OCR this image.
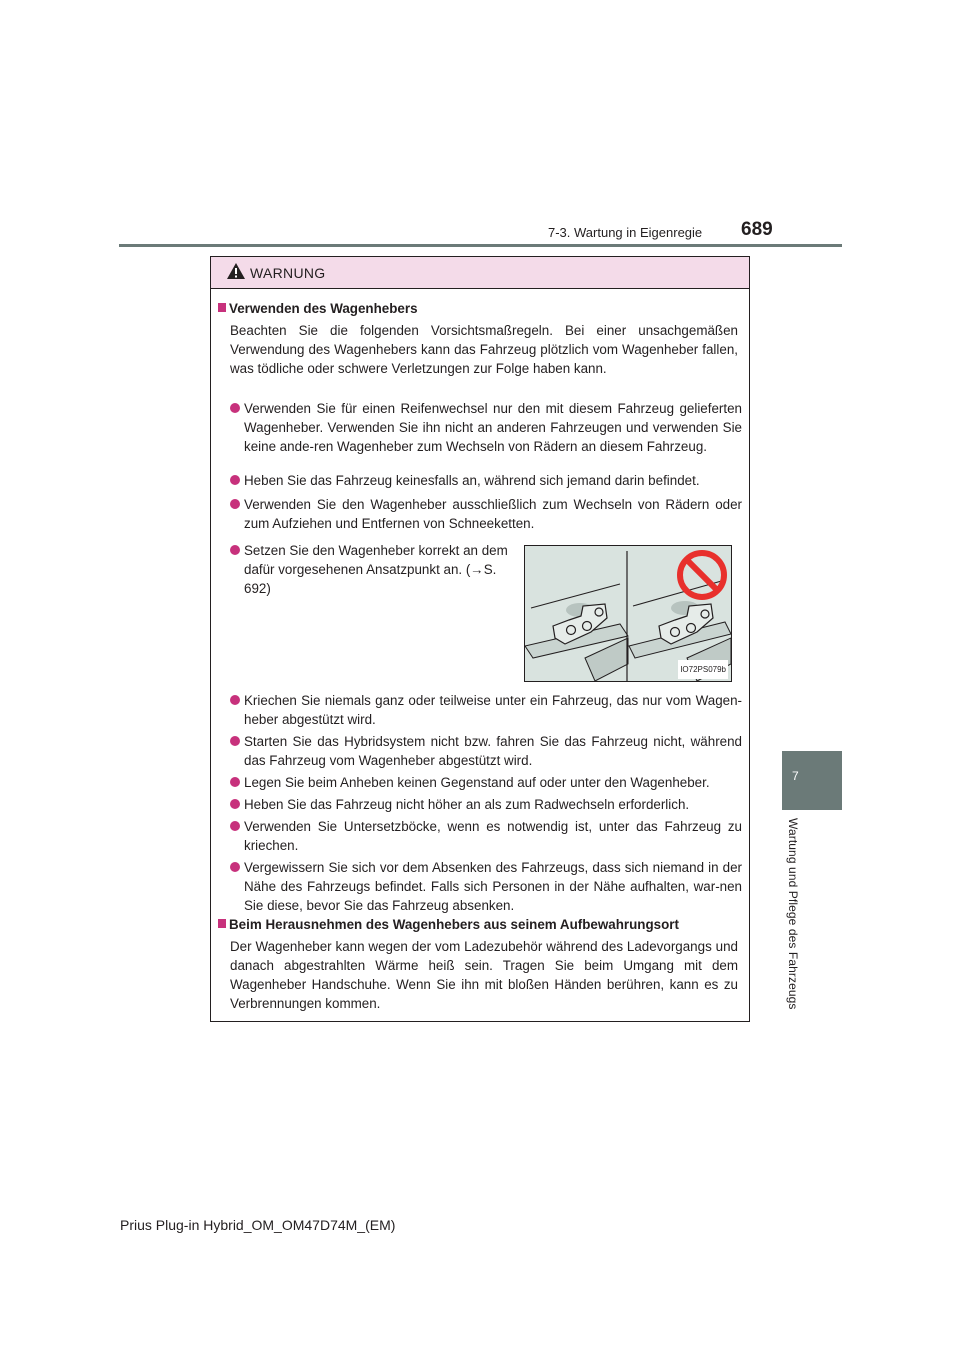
7-3. Wartung in Eigenregie 689
7
Wartung und Pflege des Fahrzeugs
WARNUNG
Verwenden des Wagenhebers
Beachten Sie die folgenden Vorsichtsmaßregeln. Bei einer unsachgemäßen Verwendung des Wagenhebers kann das Fahrzeug plötzlich vom Wagenheber fallen, was tödliche oder schwere Verletzungen zur Folge haben kann.
Verwenden Sie für einen Reifenwechsel nur den mit diesem Fahrzeug gelieferten Wagenheber. Verwenden Sie ihn nicht an anderen Fahrzeugen und verwenden Sie keine ande-ren Wagenheber zum Wechseln von Rädern an diesem Fahrzeug.
Heben Sie das Fahrzeug keinesfalls an, während sich jemand darin befindet.
Verwenden Sie den Wagenheber ausschließlich zum Wechseln von Rädern oder zum Aufziehen und Entfernen von Schneeketten.
Setzen Sie den Wagenheber korrekt an dem dafür vorgesehenen Ansatzpunkt an. (→S. 692)
IO72PS079b
Kriechen Sie niemals ganz oder teilweise unter ein Fahrzeug, das nur vom Wagen-heber abgestützt wird.
Starten Sie das Hybridsystem nicht bzw. fahren Sie das Fahrzeug nicht, während das Fahrzeug vom Wagenheber abgestützt wird.
Legen Sie beim Anheben keinen Gegenstand auf oder unter den Wagenheber.
Heben Sie das Fahrzeug nicht höher an als zum Radwechseln erforderlich.
Verwenden Sie Untersetzböcke, wenn es notwendig ist, unter das Fahrzeug zu kriechen.
Vergewissern Sie sich vor dem Absenken des Fahrzeugs, dass sich niemand in der Nähe des Fahrzeugs befindet. Falls sich Personen in der Nähe aufhalten, war-nen Sie diese, bevor Sie das Fahrzeug absenken.
Beim Herausnehmen des Wagenhebers aus seinem Aufbewahrungsort
Der Wagenheber kann wegen der vom Ladezubehör während des Ladevorgangs und danach abgestrahlten Wärme heiß sein. Tragen Sie beim Umgang mit dem Wagenheber Handschuhe. Wenn Sie ihn mit bloßen Händen berühren, kann es zu Verbrennungen kommen.
Prius Plug-in Hybrid_OM_OM47D74M_(EM)
